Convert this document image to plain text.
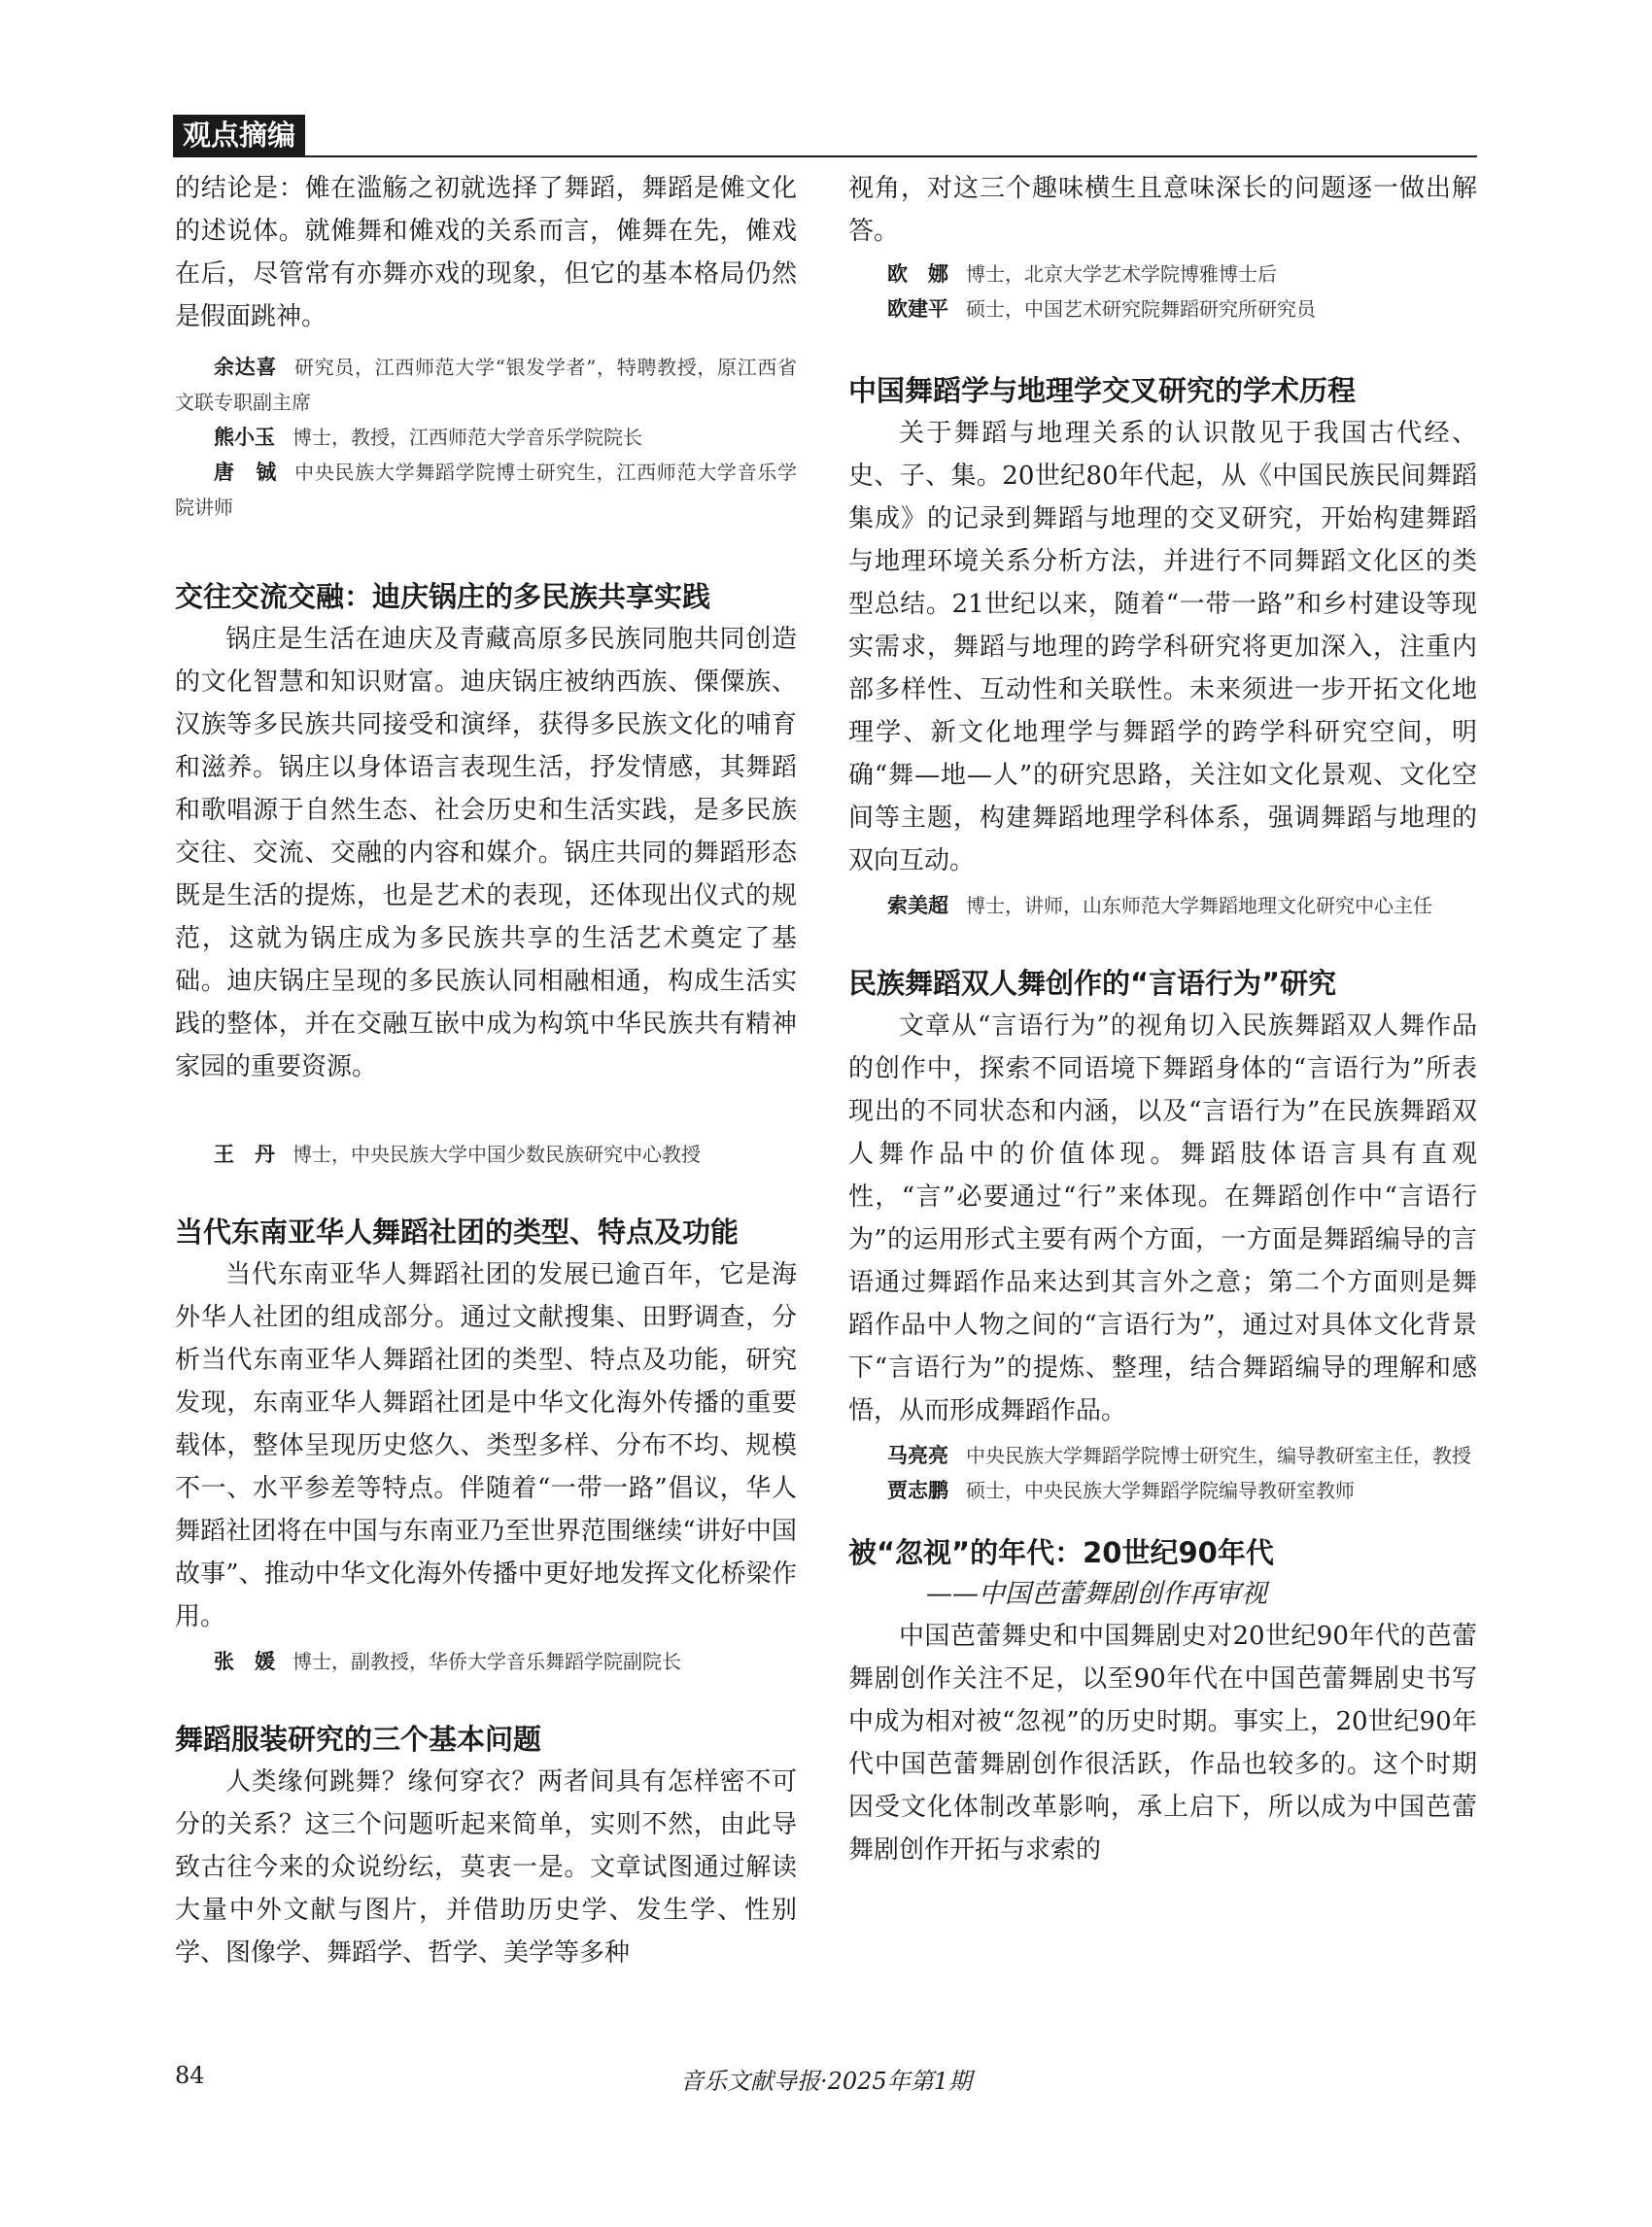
观点摘编

的结论是：傩在滥觞之初就选择了舞蹈，舞蹈是傩文化的述说体。就傩舞和傩戏的关系而言，傩舞在先，傩戏在后，尽管常有亦舞亦戏的现象，但它的基本格局仍然是假面跳神。

余达喜 研究员，江西师范大学“银发学者”，特聘教授，原江西省文联专职副主席

熊小玉 博士，教授，江西师范大学音乐学院院长

唐　铖 中央民族大学舞蹈学院博士研究生，江西师范大学音乐学院讲师

交往交流交融：迪庆锅庄的多民族共享实践

锅庄是生活在迪庆及青藏高原多民族同胞共同创造的文化智慧和知识财富。迪庆锅庄被纳西族、傈僳族、汉族等多民族共同接受和演绎，获得多民族文化的哺育和滋养。锅庄以身体语言表现生活，抒发情感，其舞蹈和歌唱源于自然生态、社会历史和生活实践，是多民族交往、交流、交融的内容和媒介。锅庄共同的舞蹈形态既是生活的提炼，也是艺术的表现，还体现出仪式的规范，这就为锅庄成为多民族共享的生活艺术奠定了基础。迪庆锅庄呈现的多民族认同相融相通，构成生活实践的整体，并在交融互嵌中成为构筑中华民族共有精神家园的重要资源。

王　丹 博士，中央民族大学中国少数民族研究中心教授

当代东南亚华人舞蹈社团的类型、特点及功能

当代东南亚华人舞蹈社团的发展已逾百年，它是海外华人社团的组成部分。通过文献搜集、田野调查，分析当代东南亚华人舞蹈社团的类型、特点及功能，研究发现，东南亚华人舞蹈社团是中华文化海外传播的重要载体，整体呈现历史悠久、类型多样、分布不均、规模不一、水平参差等特点。伴随着“一带一路”倡议，华人舞蹈社团将在中国与东南亚乃至世界范围继续“讲好中国故事”、推动中华文化海外传播中更好地发挥文化桥梁作用。

张　媛 博士，副教授，华侨大学音乐舞蹈学院副院长

舞蹈服装研究的三个基本问题

人类缘何跳舞？缘何穿衣？两者间具有怎样密不可分的关系？这三个问题听起来简单，实则不然，由此导致古往今来的众说纷纭，莫衷一是。文章试图通过解读大量中外文献与图片，并借助历史学、发生学、性别学、图像学、舞蹈学、哲学、美学等多种

视角，对这三个趣味横生且意味深长的问题逐一做出解答。

欧　娜 博士，北京大学艺术学院博雅博士后

欧建平 硕士，中国艺术研究院舞蹈研究所研究员

中国舞蹈学与地理学交叉研究的学术历程

关于舞蹈与地理关系的认识散见于我国古代经、史、子、集。20世纪80年代起，从《中国民族民间舞蹈集成》的记录到舞蹈与地理的交叉研究，开始构建舞蹈与地理环境关系分析方法，并进行不同舞蹈文化区的类型总结。21世纪以来，随着“一带一路”和乡村建设等现实需求，舞蹈与地理的跨学科研究将更加深入，注重内部多样性、互动性和关联性。未来须进一步开拓文化地理学、新文化地理学与舞蹈学的跨学科研究空间，明确“舞—地—人”的研究思路，关注如文化景观、文化空间等主题，构建舞蹈地理学科体系，强调舞蹈与地理的双向互动。

索美超 博士，讲师，山东师范大学舞蹈地理文化研究中心主任

民族舞蹈双人舞创作的“言语行为”研究

文章从“言语行为”的视角切入民族舞蹈双人舞作品的创作中，探索不同语境下舞蹈身体的“言语行为”所表现出的不同状态和内涵，以及“言语行为”在民族舞蹈双人舞作品中的价值体现。舞蹈肢体语言具有直观性，“言”必要通过“行”来体现。在舞蹈创作中“言语行为”的运用形式主要有两个方面，一方面是舞蹈编导的言语通过舞蹈作品来达到其言外之意；第二个方面则是舞蹈作品中人物之间的“言语行为”，通过对具体文化背景下“言语行为”的提炼、整理，结合舞蹈编导的理解和感悟，从而形成舞蹈作品。

马亮亮 中央民族大学舞蹈学院博士研究生，编导教研室主任，教授

贾志鹏 硕士，中央民族大学舞蹈学院编导教研室教师

被“忽视”的年代：20世纪90年代

——中国芭蕾舞剧创作再审视

中国芭蕾舞史和中国舞剧史对20世纪90年代的芭蕾舞剧创作关注不足，以至90年代在中国芭蕾舞剧史书写中成为相对被“忽视”的历史时期。事实上，20世纪90年代中国芭蕾舞剧创作很活跃，作品也较多的。这个时期因受文化体制改革影响，承上启下，所以成为中国芭蕾舞剧创作开拓与求索的

84	音乐文献导报·2025年第1期
